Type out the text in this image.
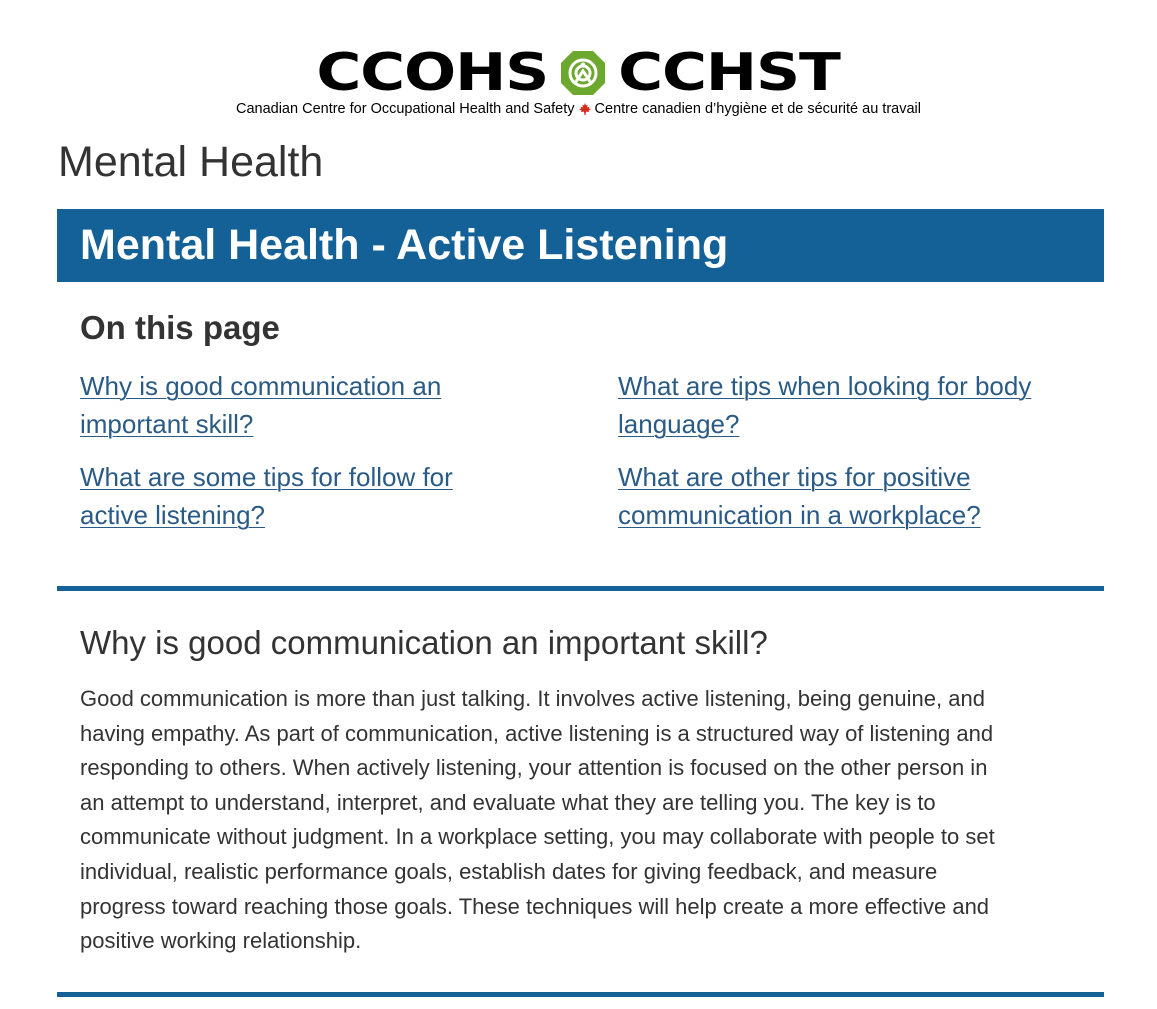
CCOHS CCHST
Canadian Centre for Occupational Health and Safety Centre canadien d’hygiène et de sécurité au travail
Mental Health
Mental Health - Active Listening
On this page
Why is good communication an
important skill?
What are tips when looking for body
language?
What are some tips for follow for
active listening?
What are other tips for positive
communication in a workplace?
Why is good communication an important skill?

Good communication is more than just talking. It involves active listening, being genuine, and
having empathy. As part of communication, active listening is a structured way of listening and
responding to others. When actively listening, your attention is focused on the other person in
an attempt to understand, interpret, and evaluate what they are telling you. The key is to
communicate without judgment. In a workplace setting, you may collaborate with people to set
individual, realistic performance goals, establish dates for giving feedback, and measure
progress toward reaching those goals. These techniques will help create a more effective and
positive working relationship.
